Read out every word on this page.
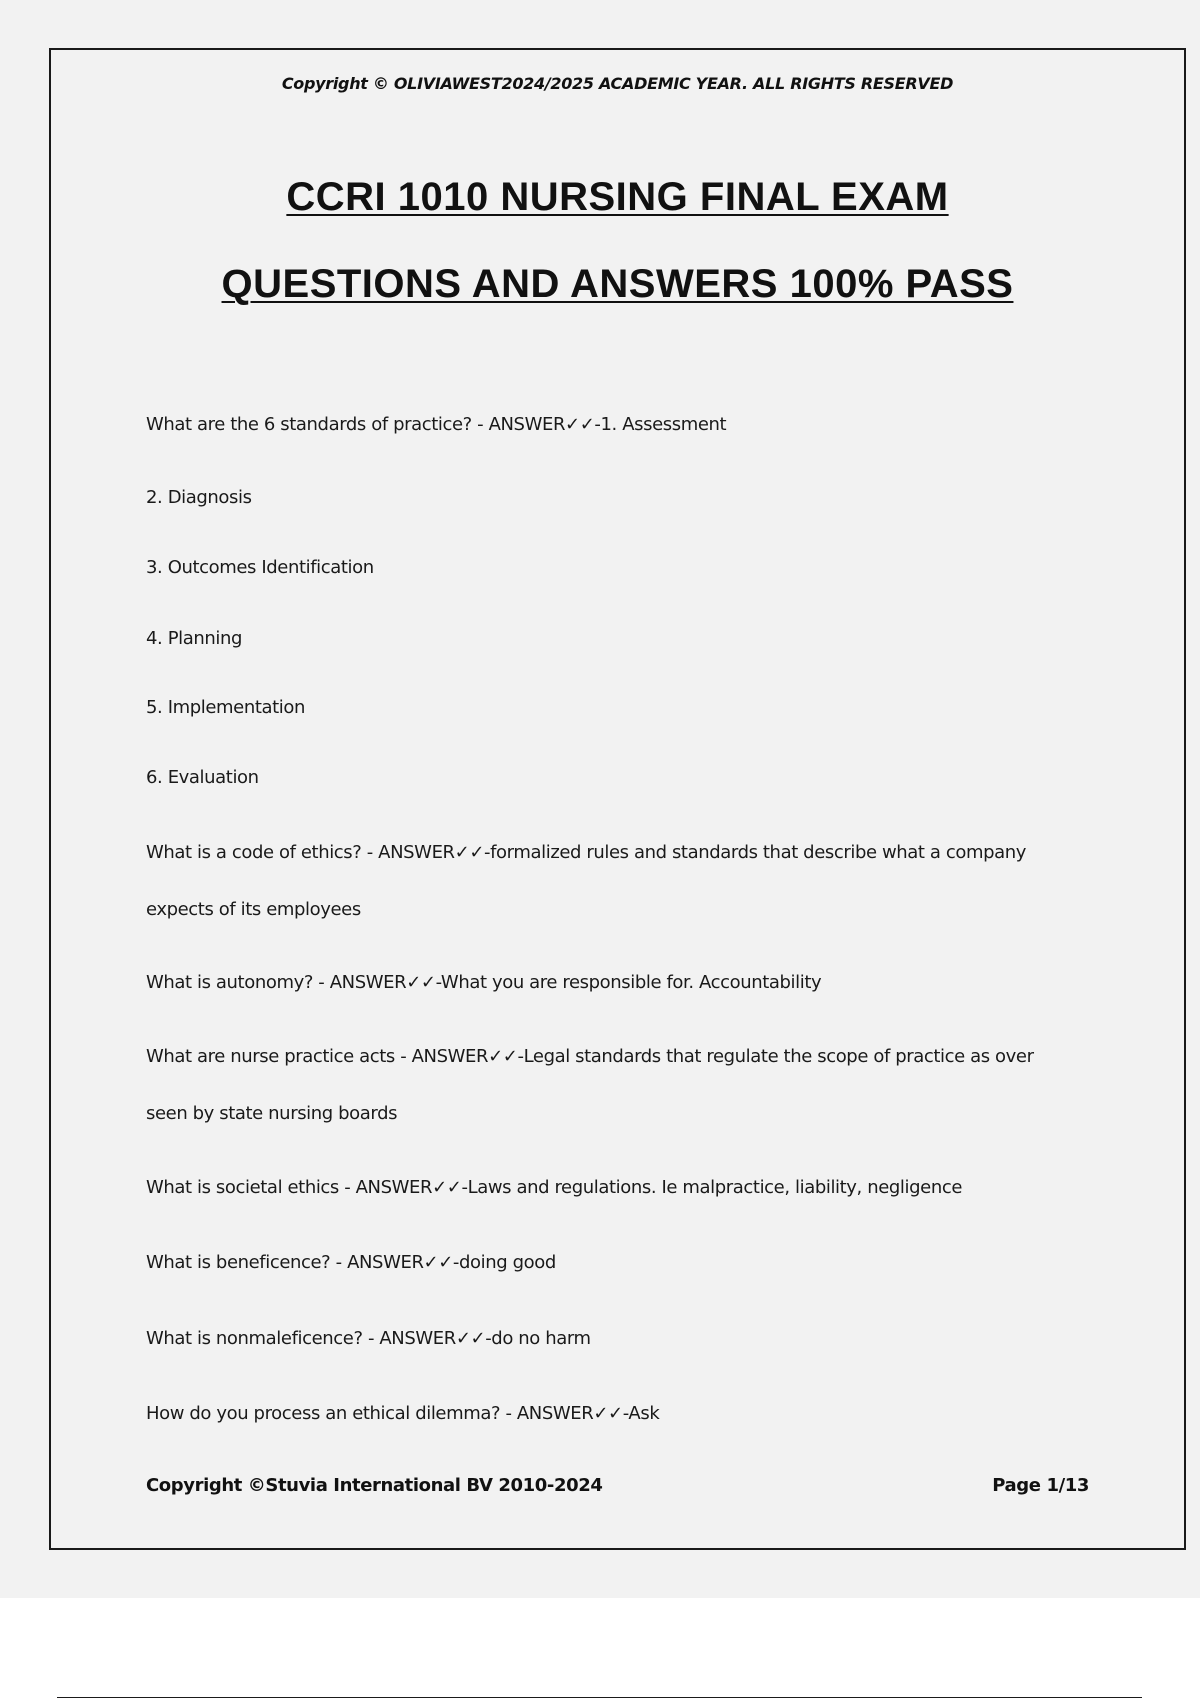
Copyright © OLIVIAWEST2024/2025 ACADEMIC YEAR. ALL RIGHTS RESERVED
CCRI 1010 NURSING FINAL EXAM
QUESTIONS AND ANSWERS 100% PASS
What are the 6 standards of practice? - ANSWER✓✓-1. Assessment
2. Diagnosis
3. Outcomes Identification
4. Planning
5. Implementation
6. Evaluation
What is a code of ethics? - ANSWER✓✓-formalized rules and standards that describe what a company
expects of its employees
What is autonomy? - ANSWER✓✓-What you are responsible for. Accountability
What are nurse practice acts - ANSWER✓✓-Legal standards that regulate the scope of practice as over
seen by state nursing boards
What is societal ethics - ANSWER✓✓-Laws and regulations. Ie malpractice, liability, negligence
What is beneficence? - ANSWER✓✓-doing good
What is nonmaleficence? - ANSWER✓✓-do no harm
How do you process an ethical dilemma? - ANSWER✓✓-Ask
Copyright ©Stuvia International BV 2010-2024	Page 1/13
